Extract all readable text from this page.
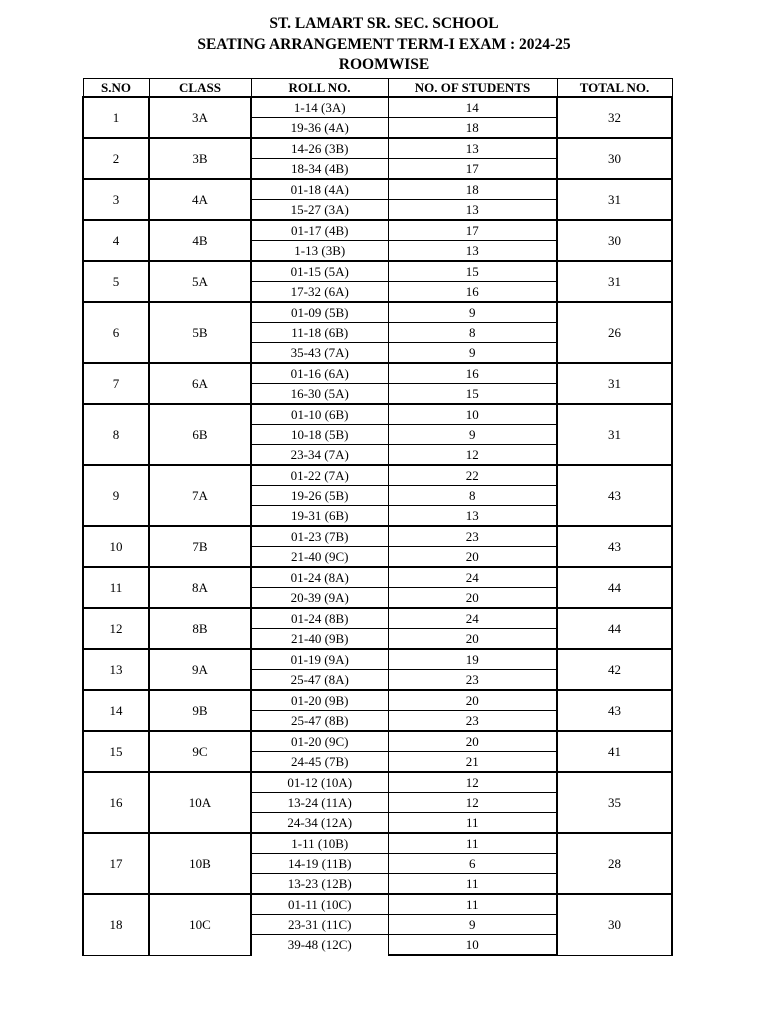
ST. LAMART SR. SEC. SCHOOL
SEATING ARRANGEMENT TERM-I EXAM : 2024-25
ROOMWISE
S.NO	CLASS	ROLL NO.	NO. OF STUDENTS	TOTAL NO.
1	3A	1-14 (3A)	14	32
		19-36 (4A)	18	
2	3B	14-26 (3B)	13	30
		18-34 (4B)	17	
3	4A	01-18 (4A)	18	31
		15-27 (3A)	13	
4	4B	01-17 (4B)	17	30
		1-13 (3B)	13	
5	5A	01-15 (5A)	15	31
		17-32 (6A)	16	
6	5B	01-09 (5B)	9	26
		11-18 (6B)	8	
		35-43 (7A)	9	
7	6A	01-16 (6A)	16	31
		16-30 (5A)	15	
8	6B	01-10 (6B)	10	31
		10-18 (5B)	9	
		23-34 (7A)	12	
9	7A	01-22 (7A)	22	43
		19-26 (5B)	8	
		19-31 (6B)	13	
10	7B	01-23 (7B)	23	43
		21-40 (9C)	20	
11	8A	01-24 (8A)	24	44
		20-39 (9A)	20	
12	8B	01-24 (8B)	24	44
		21-40 (9B)	20	
13	9A	01-19 (9A)	19	42
		25-47 (8A)	23	
14	9B	01-20 (9B)	20	43
		25-47 (8B)	23	
15	9C	01-20 (9C)	20	41
		24-45 (7B)	21	
16	10A	01-12 (10A)	12	35
		13-24 (11A)	12	
		24-34 (12A)	11	
17	10B	1-11 (10B)	11	28
		14-19 (11B)	6	
		13-23 (12B)	11	
18	10C	01-11 (10C)	11	30
		23-31 (11C)	9	
		39-48 (12C)	10	
